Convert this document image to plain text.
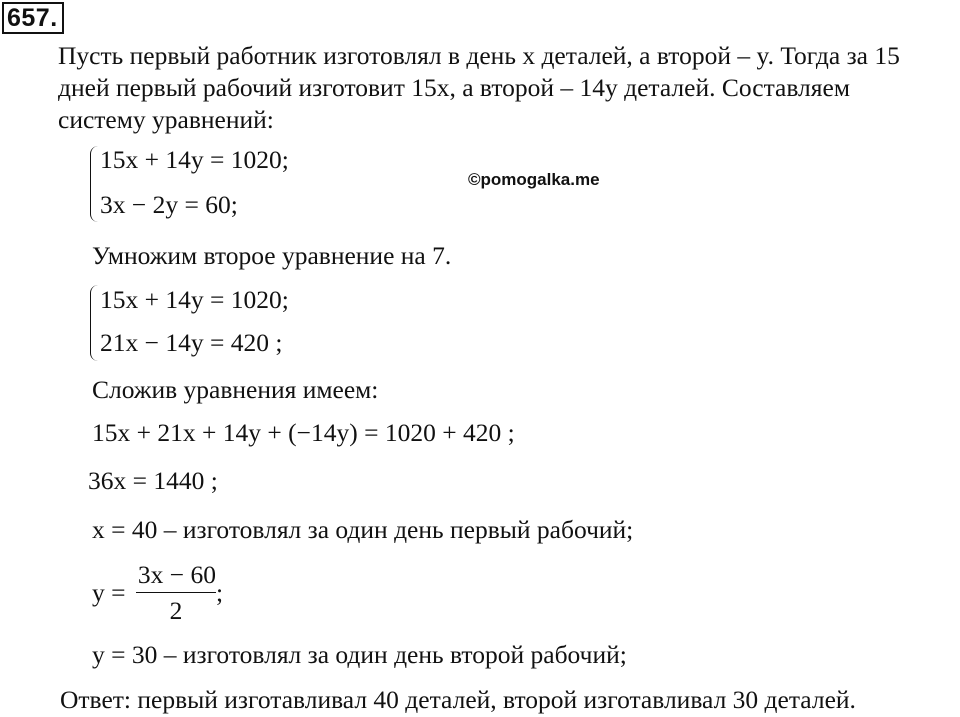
657.
Пусть первый работник изготовлял в день x деталей, а второй – y. Тогда за 15
дней первый рабочий изготовит 15x, а второй – 14y деталей. Составляем
систему уравнений:
©pomogalka.me
15x + 14y = 1020;
3x − 2y = 60;
Умножим второе уравнение на 7.
15x + 14y = 1020;
21x − 14y = 420 ;
Сложив уравнения имеем:
15x + 21x + 14y + (−14y) = 1020 + 420 ;
36x = 1440 ;
x = 40 – изготовлял за один день первый рабочий;
y =
3x − 60
2
;
y = 30 – изготовлял за один день второй рабочий;
Ответ: первый изготавливал 40 деталей, второй изготавливал 30 деталей.
